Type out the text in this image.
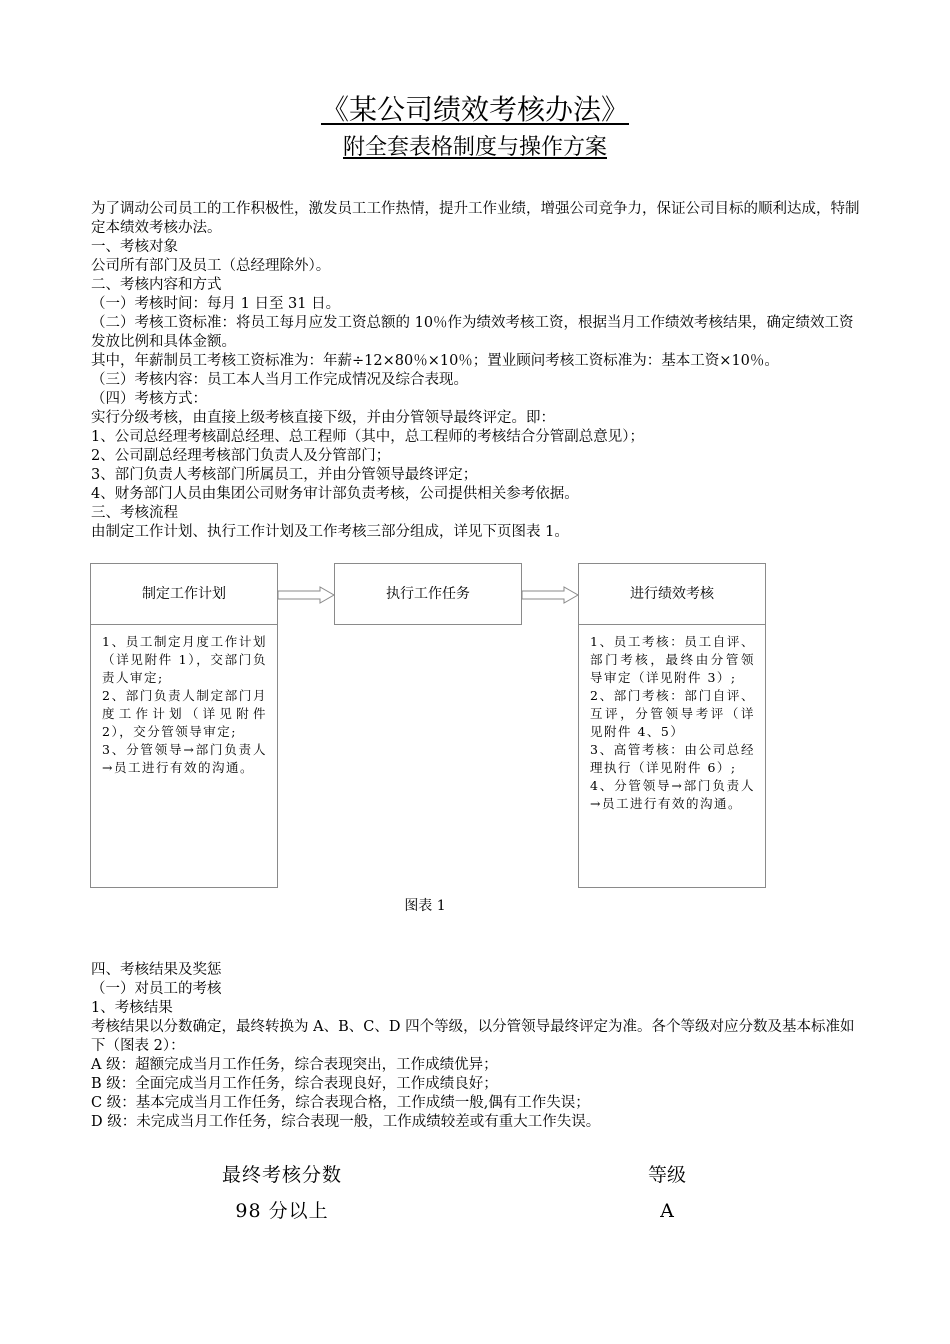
《某公司绩效考核办法》
附全套表格制度与操作方案

为了调动公司员工的工作积极性，激发员工工作热情，提升工作业绩，增强公司竞争力，保证公司目标的顺利达成，特制定本绩效考核办法。

一、考核对象

公司所有部门及员工（总经理除外）。

二、考核内容和方式

（一）考核时间：每月 1 日至 31 日。

（二）考核工资标准：将员工每月应发工资总额的 10％作为绩效考核工资，根据当月工作绩效考核结果，确定绩效工资发放比例和具体金额。

其中，年薪制员工考核工资标准为：年薪÷12×80％×10％；置业顾问考核工资标准为：基本工资×10％。

（三）考核内容：员工本人当月工作完成情况及综合表现。

（四）考核方式：

实行分级考核，由直接上级考核直接下级，并由分管领导最终评定。即：

1、公司总经理考核副总经理、总工程师（其中，总工程师的考核结合分管副总意见）；

2、公司副总经理考核部门负责人及分管部门；

3、部门负责人考核部门所属员工，并由分管领导最终评定；

4、财务部门人员由集团公司财务审计部负责考核，公司提供相关参考依据。

三、考核流程

由制定工作计划、执行工作计划及工作考核三部分组成，详见下页图表 1。

制定工作计划
1、员工制定月度工作计划（详见附件 1），交部门负责人审定;
2、部门负责人制定部门月度工作计划（详见附件 2），交分管领导审定;
3、分管领导→部门负责人→员工进行有效的沟通。
执行工作任务	进行绩效考核
1、员工考核：员工自评、部门考核，最终由分管领导审定（详见附件 3）;
2、部门考核：部门自评、互评，分管领导考评（详见附件 4、5）
3、高管考核：由公司总经理执行（详见附件 6）;
4、分管领导→部门负责人→员工进行有效的沟通。
图表 1

四、考核结果及奖惩

（一）对员工的考核

1、考核结果

考核结果以分数确定，最终转换为 A、B、C、D 四个等级，以分管领导最终评定为准。各个等级对应分数及基本标准如下（图表 2）：

A 级：超额完成当月工作任务，综合表现突出，工作成绩优异；

B 级：全面完成当月工作任务，综合表现良好，工作成绩良好；

C 级：基本完成当月工作任务，综合表现合格，工作成绩一般,偶有工作失误；

D 级：未完成当月工作任务，综合表现一般，工作成绩较差或有重大工作失误。

最终考核分数	等级
98 分以上	A
